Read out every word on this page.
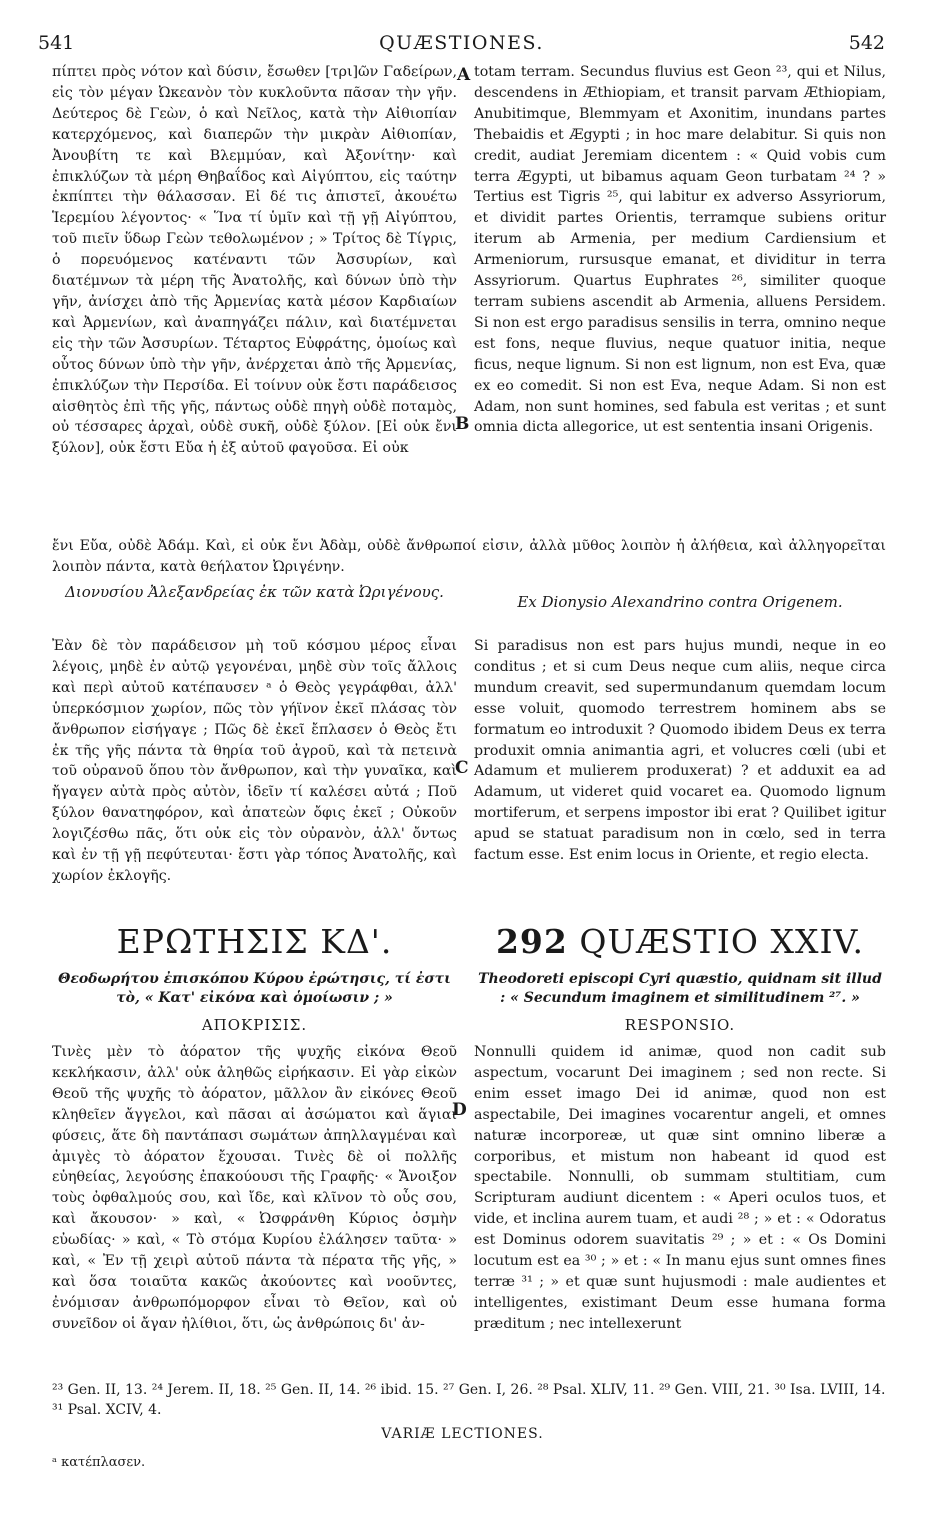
541	QUÆSTIONES.	542

πίπτει πρὸς νότον καὶ δύσιν, ἔσωθεν [τρι]ῶν Γαδείρων, εἰς τὸν μέγαν Ὠκεανὸν τὸν κυκλοῦντα πᾶσαν τὴν γῆν. Δεύτερος δὲ Γεὼν, ὁ καὶ Νεῖλος, κατὰ τὴν Αἰθιοπίαν κατερχόμενος, καὶ διαπερῶν τὴν μικρὰν Αἰθιοπίαν, Ἀνουβίτη τε καὶ Βλεμμύαν, καὶ Ἀξονίτην· καὶ ἐπικλύζων τὰ μέρη Θηβαΐδος καὶ Αἰγύπτου, εἰς ταύτην ἐκπίπτει τὴν θάλασσαν. Εἰ δέ τις ἀπιστεῖ, ἀκουέτω Ἱερεμίου λέγοντος· « Ἵνα τί ὑμῖν καὶ τῇ γῇ Αἰγύπτου, τοῦ πιεῖν ὕδωρ Γεὼν τεθολωμένον ; » Τρίτος δὲ Τίγρις, ὁ πορευόμενος κατέναντι τῶν Ἀσσυρίων, καὶ διατέμνων τὰ μέρη τῆς Ἀνατολῆς, καὶ δύνων ὑπὸ τὴν γῆν, ἀνίσχει ἀπὸ τῆς Ἀρμενίας κατὰ μέσον Καρδιαίων καὶ Ἀρμενίων, καὶ ἀναπηγάζει πάλιν, καὶ διατέμνεται εἰς τὴν τῶν Ἀσσυρίων. Τέταρτος Εὐφράτης, ὁμοίως καὶ οὗτος δύνων ὑπὸ τὴν γῆν, ἀνέρχεται ἀπὸ τῆς Ἀρμενίας, ἐπικλύζων τὴν Περσίδα. Εἰ τοίνυν οὐκ ἔστι παράδεισος αἰσθητὸς ἐπὶ τῆς γῆς, πάντως οὐδὲ πηγὴ οὐδὲ ποταμὸς, οὐ τέσσαρες ἀρχαὶ, οὐδὲ συκῆ, οὐδὲ ξύλον. [Εἰ οὐκ ἔνι ξύλον], οὐκ ἔστι Εὔα ἡ ἐξ αὐτοῦ φαγοῦσα. Εἰ οὐκ

totam terram. Secundus fluvius est Geon ²³, qui et Nilus, descendens in Æthiopiam, et transit parvam Æthiopiam, Anubitimque, Blemmyam et Axonitim, inundans partes Thebaidis et Ægypti ; in hoc mare delabitur. Si quis non credit, audiat Jeremiam dicentem : « Quid vobis cum terra Ægypti, ut bibamus aquam Geon turbatam ²⁴ ? » Tertius est Tigris ²⁵, qui labitur ex adverso Assyriorum, et dividit partes Orientis, terramque subiens oritur iterum ab Armenia, per medium Cardiensium et Armeniorum, rursusque emanat, et dividitur in terra Assyriorum. Quartus Euphrates ²⁶, similiter quoque terram subiens ascendit ab Armenia, alluens Persidem. Si non est ergo paradisus sensilis in terra, omnino neque est fons, neque fluvius, neque quatuor initia, neque ficus, neque lignum. Si non est lignum, non est Eva, quæ ex eo comedit. Si non est Eva, neque Adam. Si non est Adam, non sunt homines, sed fabula est veritas ; et sunt omnia dicta allegorice, ut est sententia insani Origenis.

A
B

ἔνι Εὔα, οὐδὲ Ἀδάμ. Καὶ, εἰ οὐκ ἔνι Ἀδὰμ, οὐδὲ ἄνθρωποί εἰσιν, ἀλλὰ μῦθος λοιπὸν ἡ ἀλήθεια, καὶ ἀλληγορεῖται λοιπὸν πάντα, κατὰ θεήλατον Ὠριγένην.

Διονυσίου Ἀλεξανδρείας ἐκ τῶν κατὰ Ὠριγένους.
Ex Dionysio Alexandrino contra Origenem.

Ἐὰν δὲ τὸν παράδεισον μὴ τοῦ κόσμου μέρος εἶναι λέγοις, μηδὲ ἐν αὐτῷ γεγονέναι, μηδὲ σὺν τοῖς ἄλλοις καὶ περὶ αὐτοῦ κατέπαυσεν ᵃ ὁ Θεὸς γεγράφθαι, ἀλλ' ὑπερκόσμιον χωρίον, πῶς τὸν γήϊνον ἐκεῖ πλάσας τὸν ἄνθρωπον εἰσήγαγε ; Πῶς δὲ ἐκεῖ ἔπλασεν ὁ Θεὸς ἔτι ἐκ τῆς γῆς πάντα τὰ θηρία τοῦ ἀγροῦ, καὶ τὰ πετεινὰ τοῦ οὐρανοῦ ὅπου τὸν ἄνθρωπον, καὶ τὴν γυναῖκα, καὶ ἤγαγεν αὐτὰ πρὸς αὐτὸν, ἰδεῖν τί καλέσει αὐτά ; Ποῦ ξύλον θανατηφόρον, καὶ ἀπατεὼν ὄφις ἐκεῖ ; Οὐκοῦν λογιζέσθω πᾶς, ὅτι οὐκ εἰς τὸν οὐρανὸν, ἀλλ' ὄντως καὶ ἐν τῇ γῇ πεφύτευται· ἔστι γὰρ τόπος Ἀνατολῆς, καὶ χωρίον ἐκλογῆς.

Si paradisus non est pars hujus mundi, neque in eo conditus ; et si cum Deus neque cum aliis, neque circa mundum creavit, sed supermundanum quemdam locum esse voluit, quomodo terrestrem hominem abs se formatum eo introduxit ? Quomodo ibidem Deus ex terra produxit omnia animantia agri, et volucres cœli (ubi et Adamum et mulierem produxerat) ? et adduxit ea ad Adamum, ut videret quid vocaret ea. Quomodo lignum mortiferum, et serpens impostor ibi erat ? Quilibet igitur apud se statuat paradisum non in cœlo, sed in terra factum esse. Est enim locus in Oriente, et regio electa.

C
ΕΡΩΤΗΣΙΣ ΚΔ'.	292 QUÆSTIO XXIV.
Θεοδωρήτου ἐπισκόπου Κύρου ἐρώτησις, τί ἐστι τὸ, « Κατ' εἰκόνα καὶ ὁμοίωσιν ; »
Theodoreti episcopi Cyri quæstio, quidnam sit illud : « Secundum imaginem et similitudinem ²⁷. »
ΑΠΟΚΡΙΣΙΣ.	RESPONSIO.

Τινὲς μὲν τὸ ἀόρατον τῆς ψυχῆς εἰκόνα Θεοῦ κεκλήκασιν, ἀλλ' οὐκ ἀληθῶς εἰρήκασιν. Εἰ γὰρ εἰκὼν Θεοῦ τῆς ψυχῆς τὸ ἀόρατον, μᾶλλον ἂν εἰκόνες Θεοῦ κληθεῖεν ἄγγελοι, καὶ πᾶσαι αἱ ἀσώματοι καὶ ἅγιαι φύσεις, ἅτε δὴ παντάπασι σωμάτων ἀπηλλαγμέναι καὶ ἀμιγὲς τὸ ἀόρατον ἔχουσαι. Τινὲς δὲ οἱ πολλῆς εὐηθείας, λεγούσης ἐπακούουσι τῆς Γραφῆς· « Ἄνοιξον τοὺς ὀφθαλμούς σου, καὶ ἴδε, καὶ κλῖνον τὸ οὖς σου, καὶ ἄκουσον· » καὶ, « Ὠσφράνθη Κύριος ὀσμὴν εὐωδίας· » καὶ, « Τὸ στόμα Κυρίου ἐλάλησεν ταῦτα· » καὶ, « Ἐν τῇ χειρὶ αὐτοῦ πάντα τὰ πέρατα τῆς γῆς, » καὶ ὅσα τοιαῦτα κακῶς ἀκούοντες καὶ νοοῦντες, ἐνόμισαν ἀνθρωπόμορφον εἶναι τὸ Θεῖον, καὶ οὐ συνεῖδον οἱ ἄγαν ἠλίθιοι, ὅτι, ὡς ἀνθρώποις δι' ἀν-

Nonnulli quidem id animæ, quod non cadit sub aspectum, vocarunt Dei imaginem ; sed non recte. Si enim esset imago Dei id animæ, quod non est aspectabile, Dei imagines vocarentur angeli, et omnes naturæ incorporeæ, ut quæ sint omnino liberæ a corporibus, et mistum non habeant id quod est spectabile. Nonnulli, ob summam stultitiam, cum Scripturam audiunt dicentem : « Aperi oculos tuos, et vide, et inclina aurem tuam, et audi ²⁸ ; » et : « Odoratus est Dominus odorem suavitatis ²⁹ ; » et : « Os Domini locutum est ea ³⁰ ; » et : « In manu ejus sunt omnes fines terræ ³¹ ; » et quæ sunt hujusmodi : male audientes et intelligentes, existimant Deum esse humana forma præditum ; nec intellexerunt

D

²³ Gen. II, 13. ²⁴ Jerem. II, 18. ²⁵ Gen. II, 14. ²⁶ ibid. 15. ²⁷ Gen. I, 26. ²⁸ Psal. XLIV, 11. ²⁹ Gen. VIII, 21. ³⁰ Isa. LVIII, 14. ³¹ Psal. XCIV, 4.

VARIÆ LECTIONES.
ᵃ κατέπλασεν.
